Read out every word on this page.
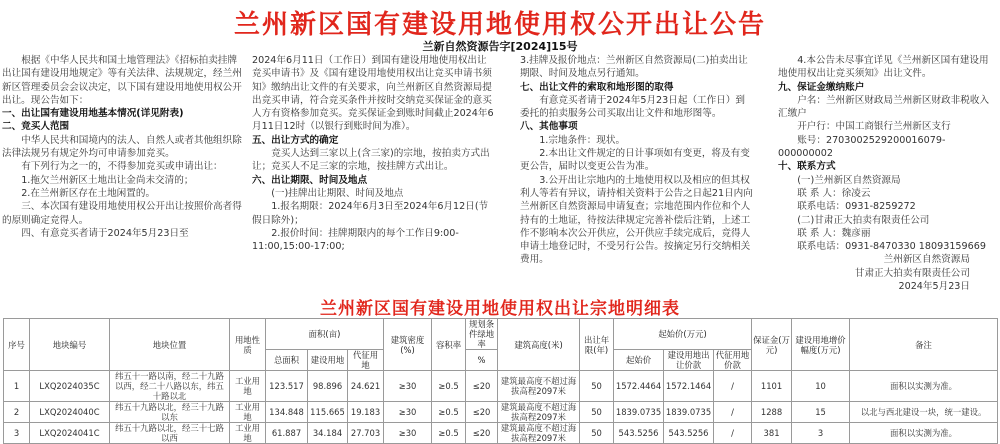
兰州新区国有建设用地使用权公开出让公告
兰新自然资源告字[2024]15号

根据《中华人民共和国土地管理法》《招标拍卖挂牌出让国有建设用地规定》等有关法律、法规规定，经兰州新区管理委员会会议决定，以下国有建设用地使用权公开出让。现公告如下：

一、出让国有建设用地基本情况(详见附表)

二、竞买人范围

中华人民共和国境内的法人、自然人或者其他组织除法律法规另有规定外均可申请参加竞买。

有下列行为之一的，不得参加竞买或申请出让：

1.拖欠兰州新区土地出让金尚未交清的；

2.在兰州新区存在土地闲置的。

三、本次国有建设用地使用权公开出让按照价高者得的原则确定竞得人。

四、有意竞买者请于2024年5月23日至

2024年6月11日（工作日）到国有建设用地使用权出让竞买申请书》及《国有建设用地使用权出让竞买申请书须知》缴纳出让文件的有关要求，向兰州新区自然资源局提出竞买申请，符合竞买条件并按时交纳竞买保证金的意买人方有资格参加竞买。竞买保证金到账时间截止2024年6月11日12时（以银行到账时间为准）。

五、出让方式的确定

竞买人达到三家以上(含三家)的宗地，按拍卖方式出让；竞买人不足三家的宗地，按挂牌方式出让。

六、出让期限、时间及地点

(一)挂牌出让期限、时间及地点

1.报名期限：2024年6月3日至2024年6月12日(节假日除外)；

2.报价时间：挂牌期限内的每个工作日9:00-11:00,15:00-17:00;

3.挂牌及报价地点：兰州新区自然资源局(二)拍卖出让期限、时间及地点另行通知。

七、出让文件的索取和地形图的取得

有意竞买者请于2024年5月23日起（工作日）到委托的拍卖服务公司买取出让文件和地形图等。

八、其他事项

1.宗地条件：现状。

2.本出让文件规定的日计事项如有变更，将及有变更公告，届时以变更公告为准。

3.公开出让宗地内的土地使用权以及相应的但其权利人等若有异议，请持相关资料于公告之日起21日内向兰州新区自然资源局申请复查；宗地范围内作位和个人持有的土地证，待按法律规定完善补偿后注销，上述工作不影响本次公开供应，公开供应手续完成后，竞得人申请土地登记时，不受另行公告。按摘定另行交纳相关费用。

4.本公告未尽事宜详见《兰州新区国有建设用地使用权出让竞买须知》出让文件。

九、保证金缴纳账户

户名：兰州新区财政局兰州新区财政非税收入汇缴户

开户行：中国工商银行兰州新区支行

账号：2703002529200016079-000000002

十、联系方式

(一)兰州新区自然资源局

联 系 人：徐凌云

联系电话：0931-8259272

(二)甘肃正大拍卖有限责任公司

联 系 人：魏彦丽

联系电话：0931-8470330 18093159669

兰州新区自然资源局

甘肃正大拍卖有限责任公司

2024年5月23日

兰州新区国有建设用地使用权出让宗地明细表
序号	地块编号	地块位置	用地性质	面积(亩)			建筑密度(%)	容积率	规划条件绿地率	建筑高度(米)	出让年限(年)	起始价(万元)			保证金(万元)	建设用地增价幅度(万元)	备注
				总面积	建设用地	代征用地			%			起始价	建设用地出让价款	代征用地价款			
1	LXQ2024035C	纬五十一路以南，经二十九路以西，经二十八路以东，纬五十路以北	工业用地	123.517	98.896	24.621	≥30	≥0.5	≤20	建筑最高度不超过海拔高程2097米	50	1572.4464	1572.1464	/	1101	10	面积以实测为准。
2	LXQ2024040C	纬五十九路以北，经三十九路以东	工业用地	134.848	115.665	19.183	≥30	≥0.5	≤20	建筑最高度不超过海拔高程2097米	50	1839.0735	1839.0735	/	1288	15	以北与西北建设一块，统一建设。
3	LXQ2024041C	纬五十九路以北，经三十七路以西	工业用地	61.887	34.184	27.703	≥30	≥0.5	≤20	建筑最高度不超过海拔高程2097米	50	543.5256	543.5256	/	381	3	面积以实测为准。
